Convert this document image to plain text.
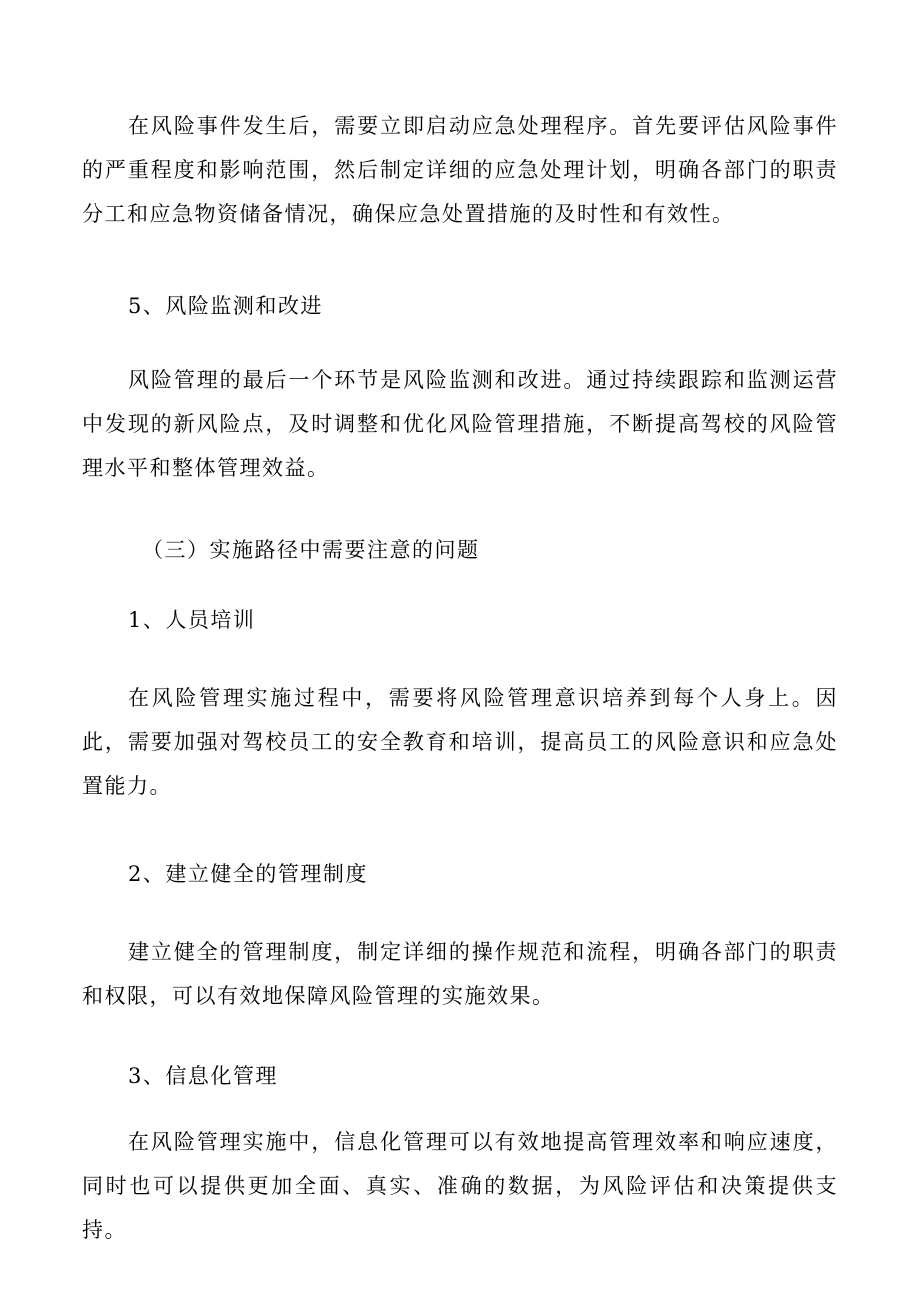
在风险事件发生后，需要立即启动应急处理程序。首先要评估风险事件的严重程度和影响范围，然后制定详细的应急处理计划，明确各部门的职责分工和应急物资储备情况，确保应急处置措施的及时性和有效性。

5、风险监测和改进

风险管理的最后一个环节是风险监测和改进。通过持续跟踪和监测运营中发现的新风险点，及时调整和优化风险管理措施，不断提高驾校的风险管理水平和整体管理效益。

（三）实施路径中需要注意的问题

1、人员培训

在风险管理实施过程中，需要将风险管理意识培养到每个人身上。因此，需要加强对驾校员工的安全教育和培训，提高员工的风险意识和应急处置能力。

2、建立健全的管理制度

建立健全的管理制度，制定详细的操作规范和流程，明确各部门的职责和权限，可以有效地保障风险管理的实施效果。

3、信息化管理

在风险管理实施中，信息化管理可以有效地提高管理效率和响应速度，同时也可以提供更加全面、真实、准确的数据，为风险评估和决策提供支持。
